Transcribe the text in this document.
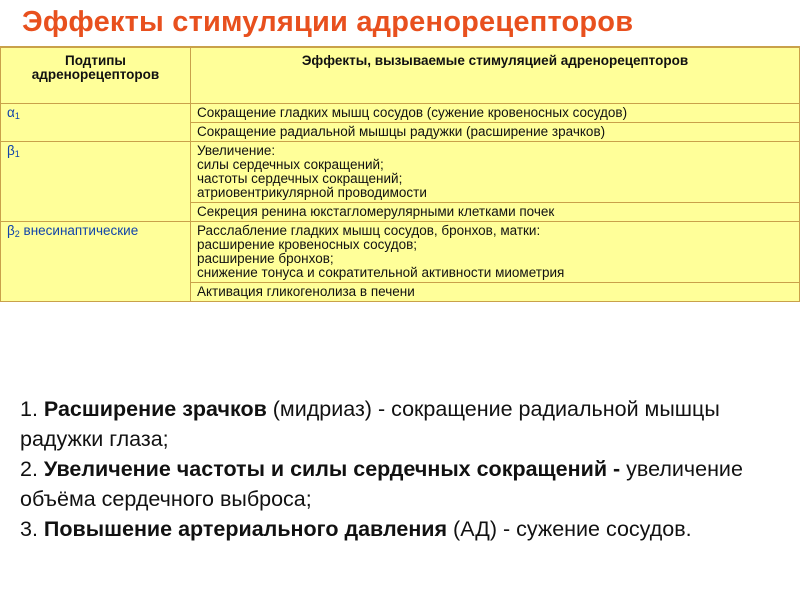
Эффекты стимуляции адренорецепторов
Подтипы адренорецепторов	Эффекты, вызываемые стимуляцией адренорецепторов
$\alpha_1$	Сокращение гладких мышц сосудов (сужение кровеносных сосудов)

	Сокращение радиальной мышцы радужки (расширение зрачков)

$\beta_1$	Увеличение:
силы сердечных сокращений;
частоты сердечных сокращений;
атриовентрикулярной проводимости

	Секреция ренина юкстагломерулярными клетками почек

$\beta_2$ внесинаптические	Расслабление гладких мышц сосудов, бронхов, матки:
расширение кровеносных сосудов;
расширение бронхов;
снижение тонуса и сократительной активности миометрия

	Активация гликогенолиза в печени

1. Расширение зрачков (мидриаз) - сокращение радиальной мышцы радужки глаза;

2. Увеличение частоты и силы сердечных сокращений - увеличение объёма сердечного выброса;

3. Повышение артериального давления (АД) - сужение сосудов.
